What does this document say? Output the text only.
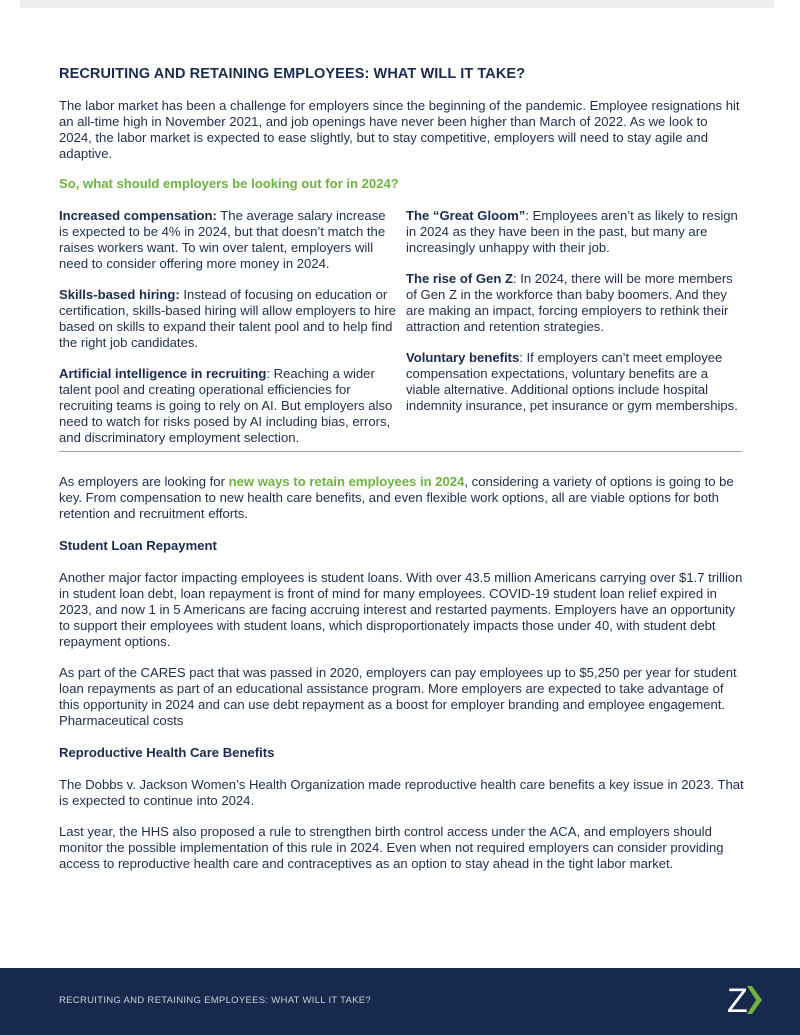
RECRUITING AND RETAINING EMPLOYEES: WHAT WILL IT TAKE?

The labor market has been a challenge for employers since the beginning of the pandemic. Employee resignations hit an all-time high in November 2021, and job openings have never been higher than March of 2022. As we look to 2024, the labor market is expected to ease slightly, but to stay competitive, employers will need to stay agile and adaptive.

So, what should employers be looking out for in 2024?

Increased compensation: The average salary increase is expected to be 4% in 2024, but that doesn’t match the raises workers want. To win over talent, employers will need to consider offering more money in 2024.

Skills-based hiring: Instead of focusing on education or certification, skills-based hiring will allow employers to hire based on skills to expand their talent pool and to help find the right job candidates.

Artificial intelligence in recruiting: Reaching a wider talent pool and creating operational efficiencies for recruiting teams is going to rely on AI. But employers also need to watch for risks posed by AI including bias, errors, and discriminatory employment selection.

The “Great Gloom”: Employees aren’t as likely to resign in 2024 as they have been in the past, but many are increasingly unhappy with their job.

The rise of Gen Z: In 2024, there will be more members of Gen Z in the workforce than baby boomers. And they are making an impact, forcing employers to rethink their attraction and retention strategies.

Voluntary benefits: If employers can’t meet employee compensation expectations, voluntary benefits are a viable alternative. Additional options include hospital indemnity insurance, pet insurance or gym memberships.

As employers are looking for new ways to retain employees in 2024, considering a variety of options is going to be key. From compensation to new health care benefits, and even flexible work options, all are viable options for both retention and recruitment efforts.

Student Loan Repayment

Another major factor impacting employees is student loans. With over 43.5 million Americans carrying over $1.7 trillion in student loan debt, loan repayment is front of mind for many employees. COVID-19 student loan relief expired in 2023, and now 1 in 5 Americans are facing accruing interest and restarted payments. Employers have an opportunity to support their employees with student loans, which disproportionately impacts those under 40, with student debt repayment options.

As part of the CARES pact that was passed in 2020, employers can pay employees up to $5,250 per year for student loan repayments as part of an educational assistance program. More employers are expected to take advantage of this opportunity in 2024 and can use debt repayment as a boost for employer branding and employee engagement.
Pharmaceutical costs

Reproductive Health Care Benefits

The Dobbs v. Jackson Women’s Health Organization made reproductive health care benefits a key issue in 2023. That is expected to continue into 2024.

Last year, the HHS also proposed a rule to strengthen birth control access under the ACA, and employers should monitor the possible implementation of this rule in 2024. Even when not required employers can consider providing access to reproductive health care and contraceptives as an option to stay ahead in the tight labor market.

RECRUITING AND RETAINING EMPLOYEES: WHAT WILL IT TAKE?	Z
